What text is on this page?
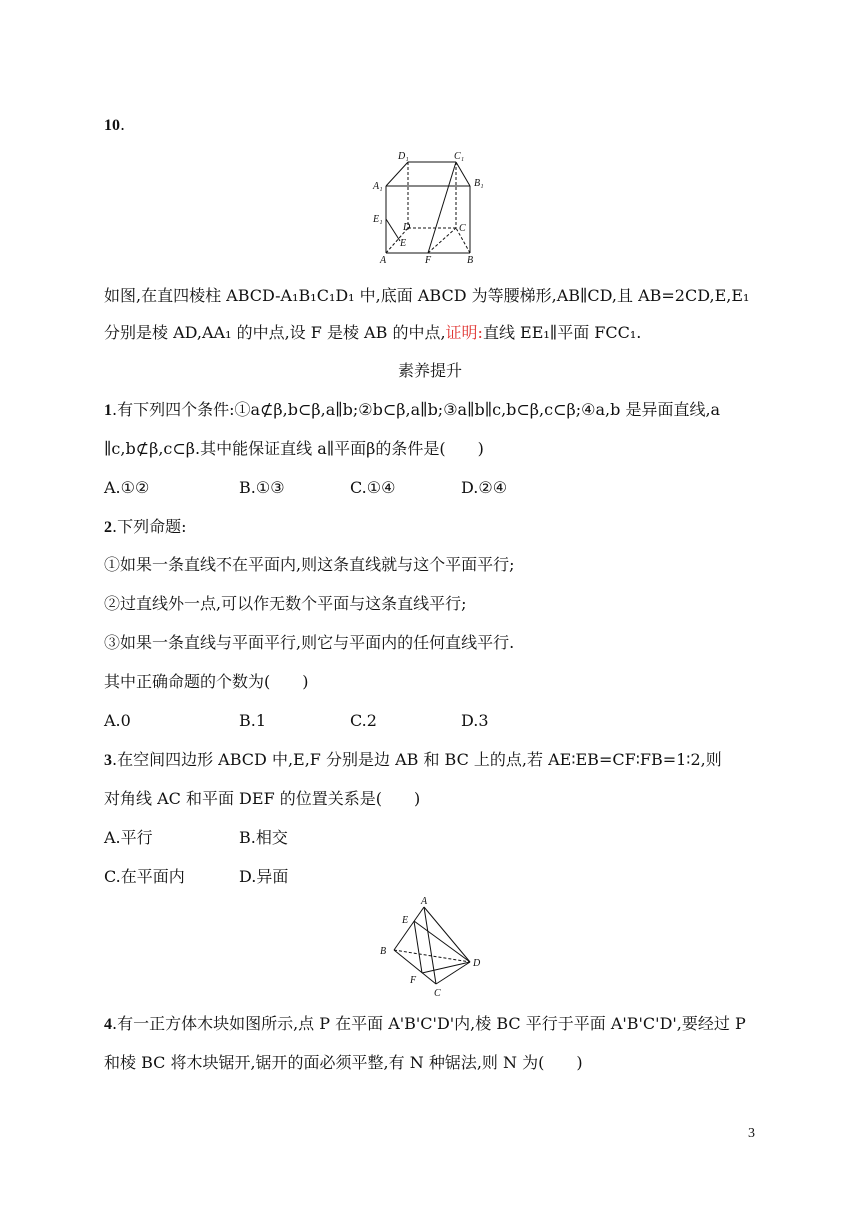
10.
D₁	C₁
A₁	B₁
E₁
D	C
E
A	F	B
如图,在直四棱柱 ABCD-A₁B₁C₁D₁ 中,底面 ABCD 为等腰梯形,AB∥CD,且 AB=2CD,E,E₁
分别是棱 AD,AA₁ 的中点,设 F 是棱 AB 的中点,证明:直线 EE₁∥平面 FCC₁.
素养提升
1.有下列四个条件:①a⊄β,b⊂β,a∥b;②b⊂β,a∥b;③a∥b∥c,b⊂β,c⊂β;④a,b 是异面直线,a
∥c,b⊄β,c⊂β.其中能保证直线 a∥平面β的条件是(　　)
A.①②	B.①③	C.①④	D.②④
2.下列命题:
①如果一条直线不在平面内,则这条直线就与这个平面平行;
②过直线外一点,可以作无数个平面与这条直线平行;
③如果一条直线与平面平行,则它与平面内的任何直线平行.
其中正确命题的个数为(　　)
A.0	B.1	C.2	D.3
3.在空间四边形 ABCD 中,E,F 分别是边 AB 和 BC 上的点,若 AE∶EB=CF∶FB=1∶2,则
对角线 AC 和平面 DEF 的位置关系是(　　)
A.平行	B.相交
C.在平面内	D.异面
E
A
B
D
F
C
4.有一正方体木块如图所示,点 P 在平面 A'B'C'D'内,棱 BC 平行于平面 A'B'C'D',要经过 P
和棱 BC 将木块锯开,锯开的面必须平整,有 N 种锯法,则 N 为(　　)
3
